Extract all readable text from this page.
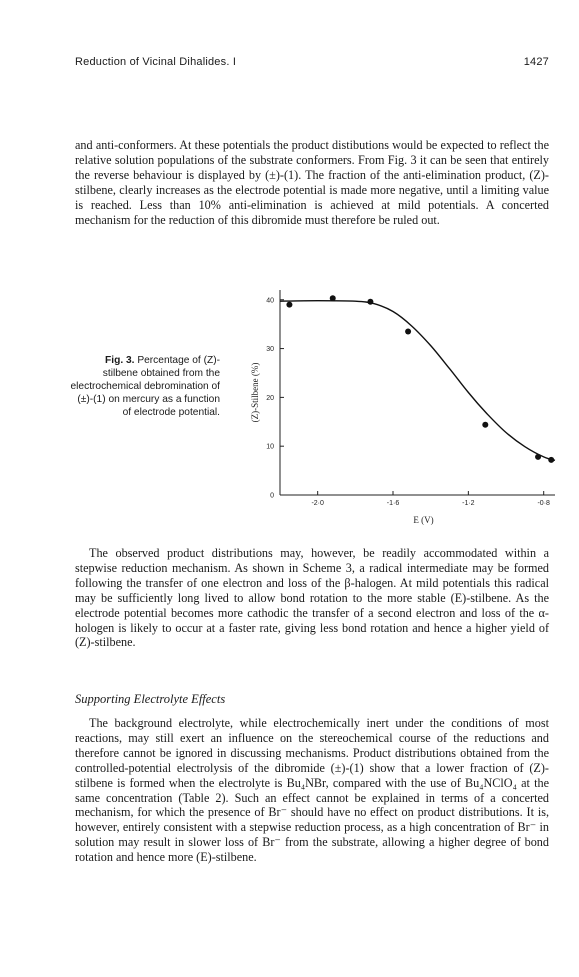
Reduction of Vicinal Dihalides. I	1427

and anti-conformers. At these potentials the product distibutions would be expected to reflect the relative solution populations of the substrate conformers. From Fig. 3 it can be seen that entirely the reverse behaviour is displayed by (±)-(1). The fraction of the anti-elimination product, (Z)-stilbene, clearly increases as the electrode potential is made more negative, until a limiting value is reached. Less than 10% anti-elimination is achieved at mild potentials. A concerted mechanism for the reduction of this dibromide must therefore be ruled out.

Fig. 3. Percentage of (Z)-stilbene obtained from the electrochemical debromination of (±)-(1) on mercury as a function of electrode potential.
0
10
20
30
40
-2·0	-1·6	-1·2	-0·8
E (V)
(Z)-Stilbene (%)

The observed product distributions may, however, be readily accommodated within a stepwise reduction mechanism. As shown in Scheme 3, a radical intermediate may be formed following the transfer of one electron and loss of the β-halogen. At mild potentials this radical may be sufficiently long lived to allow bond rotation to the more stable (E)-stilbene. As the electrode potential becomes more cathodic the transfer of a second electron and loss of the α-hologen is likely to occur at a faster rate, giving less bond rotation and hence a higher yield of (Z)-stilbene.

Supporting Electrolyte Effects

The background electrolyte, while electrochemically inert under the conditions of most reactions, may still exert an influence on the stereochemical course of the reductions and therefore cannot be ignored in discussing mechanisms. Product distributions obtained from the controlled-potential electrolysis of the dibromide (±)-(1) show that a lower fraction of (Z)-stilbene is formed when the electrolyte is Bu₄NBr, compared with the use of Bu₄NClO₄ at the same concentration (Table 2). Such an effect cannot be explained in terms of a concerted mechanism, for which the presence of Br⁻ should have no effect on product distributions. It is, however, entirely consistent with a stepwise reduction process, as a high concentration of Br⁻ in solution may result in slower loss of Br⁻ from the substrate, allowing a higher degree of bond rotation and hence more (E)-stilbene.
